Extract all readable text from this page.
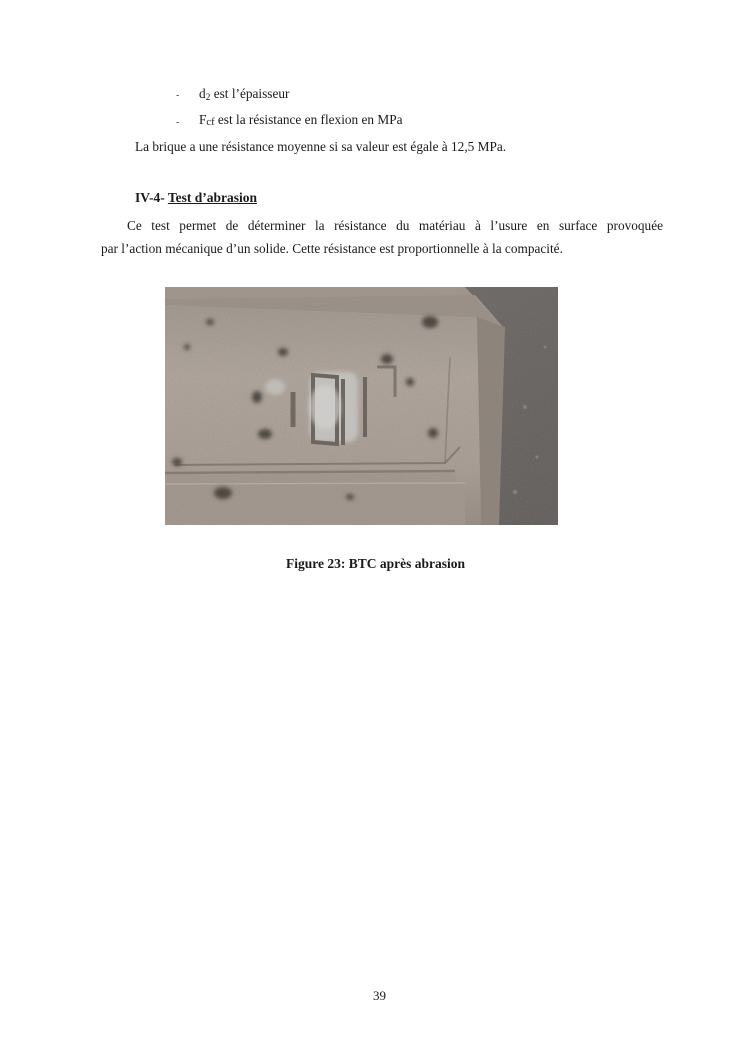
- $d_2$ est l’épaisseur
- Fcf est la résistance en flexion en MPa
La brique a une résistance moyenne si sa valeur est égale à 12,5 MPa.
IV-4- Test d’abrasion
Ce test permet de déterminer la résistance du matériau à l’usure en surface provoquée
par l’action mécanique d’un solide. Cette résistance est proportionnelle à la compacité.
Figure 23: BTC après abrasion
39
